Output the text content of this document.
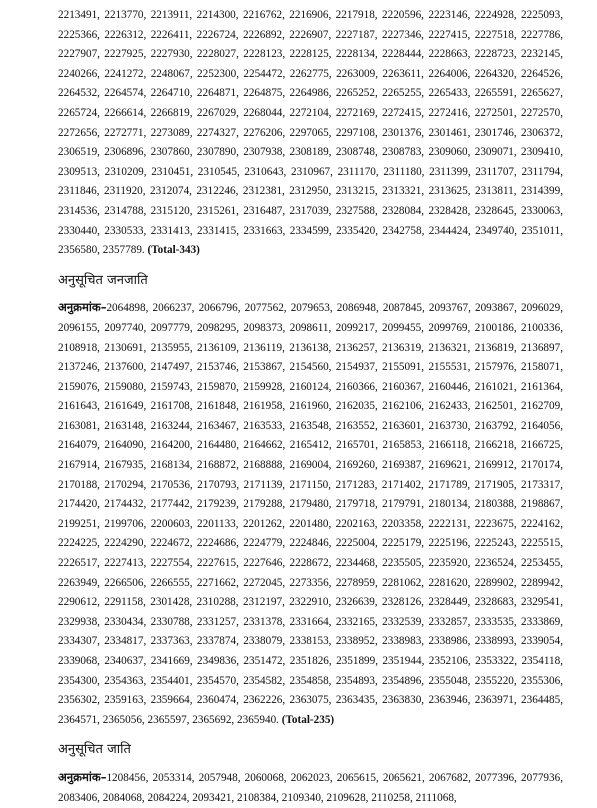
2213491, 2213770, 2213911, 2214300, 2216762, 2216906, 2217918, 2220596, 2223146, 2224928, 2225093, 2225366, 2226312, 2226411, 2226724, 2226892, 2226907, 2227187, 2227346, 2227415, 2227518, 2227786, 2227907, 2227925, 2227930, 2228027, 2228123, 2228125, 2228134, 2228444, 2228663, 2228723, 2232145, 2240266, 2241272, 2248067, 2252300, 2254472, 2262775, 2263009, 2263611, 2264006, 2264320, 2264526, 2264532, 2264574, 2264710, 2264871, 2264875, 2264986, 2265252, 2265255, 2265433, 2265591, 2265627, 2265724, 2266614, 2266819, 2267029, 2268044, 2272104, 2272169, 2272415, 2272416, 2272501, 2272570, 2272656, 2272771, 2273089, 2274327, 2276206, 2297065, 2297108, 2301376, 2301461, 2301746, 2306372, 2306519, 2306896, 2307860, 2307890, 2307938, 2308189, 2308748, 2308783, 2309060, 2309071, 2309410, 2309513, 2310209, 2310451, 2310545, 2310643, 2310967, 2311170, 2311180, 2311399, 2311707, 2311794, 2311846, 2311920, 2312074, 2312246, 2312381, 2312950, 2313215, 2313321, 2313625, 2313811, 2314399, 2314536, 2314788, 2315120, 2315261, 2316487, 2317039, 2327588, 2328084, 2328428, 2328645, 2330063, 2330440, 2330533, 2331413, 2331415, 2331663, 2334599, 2335420, 2342758, 2344424, 2349740, 2351011, 2356580, 2357789. (Total-343)
अनुसूचित जनजाति
अनुक्रमांक–2064898, 2066237, 2066796, 2077562, 2079653, 2086948, 2087845, 2093767, 2093867, 2096029, 2096155, 2097740, 2097779, 2098295, 2098373, 2098611, 2099217, 2099455, 2099769, 2100186, 2100336, 2108918, 2130691, 2135955, 2136109, 2136119, 2136138, 2136257, 2136319, 2136321, 2136819, 2136897, 2137246, 2137600, 2147497, 2153746, 2153867, 2154560, 2154937, 2155091, 2155531, 2157976, 2158071, 2159076, 2159080, 2159743, 2159870, 2159928, 2160124, 2160366, 2160367, 2160446, 2161021, 2161364, 2161643, 2161649, 2161708, 2161848, 2161958, 2161960, 2162035, 2162106, 2162433, 2162501, 2162709, 2163081, 2163148, 2163244, 2163467, 2163533, 2163548, 2163552, 2163601, 2163730, 2163792, 2164056, 2164079, 2164090, 2164200, 2164480, 2164662, 2165412, 2165701, 2165853, 2166118, 2166218, 2166725, 2167914, 2167935, 2168134, 2168872, 2168888, 2169004, 2169260, 2169387, 2169621, 2169912, 2170174, 2170188, 2170294, 2170536, 2170793, 2171139, 2171150, 2171283, 2171402, 2171789, 2171905, 2173317, 2174420, 2174432, 2177442, 2179239, 2179288, 2179480, 2179718, 2179791, 2180134, 2180388, 2198867, 2199251, 2199706, 2200603, 2201133, 2201262, 2201480, 2202163, 2203358, 2222131, 2223675, 2224162, 2224225, 2224290, 2224672, 2224686, 2224779, 2224846, 2225004, 2225179, 2225196, 2225243, 2225515, 2226517, 2227413, 2227554, 2227615, 2227646, 2228672, 2234468, 2235505, 2235920, 2236524, 2253455, 2263949, 2266506, 2266555, 2271662, 2272045, 2273356, 2278959, 2281062, 2281620, 2289902, 2289942, 2290612, 2291158, 2301428, 2310288, 2312197, 2322910, 2326639, 2328126, 2328449, 2328683, 2329541, 2329938, 2330434, 2330788, 2331257, 2331378, 2331664, 2332165, 2332539, 2332857, 2333535, 2333869, 2334307, 2334817, 2337363, 2337874, 2338079, 2338153, 2338952, 2338983, 2338986, 2338993, 2339054, 2339068, 2340637, 2341669, 2349836, 2351472, 2351826, 2351899, 2351944, 2352106, 2353322, 2354118, 2354300, 2354363, 2354401, 2354570, 2354582, 2354858, 2354893, 2354896, 2355048, 2355220, 2355306, 2356302, 2359163, 2359664, 2360474, 2362226, 2363075, 2363435, 2363830, 2363946, 2363971, 2364485, 2364571, 2365056, 2365597, 2365692, 2365940. (Total-235)
अनुसूचित जाति
अनुक्रमांक–1208456, 2053314, 2057948, 2060068, 2062023, 2065615, 2065621, 2067682, 2077396, 2077936, 2083406, 2084068, 2084224, 2093421, 2108384, 2109340, 2109628, 2110258, 2111068,
